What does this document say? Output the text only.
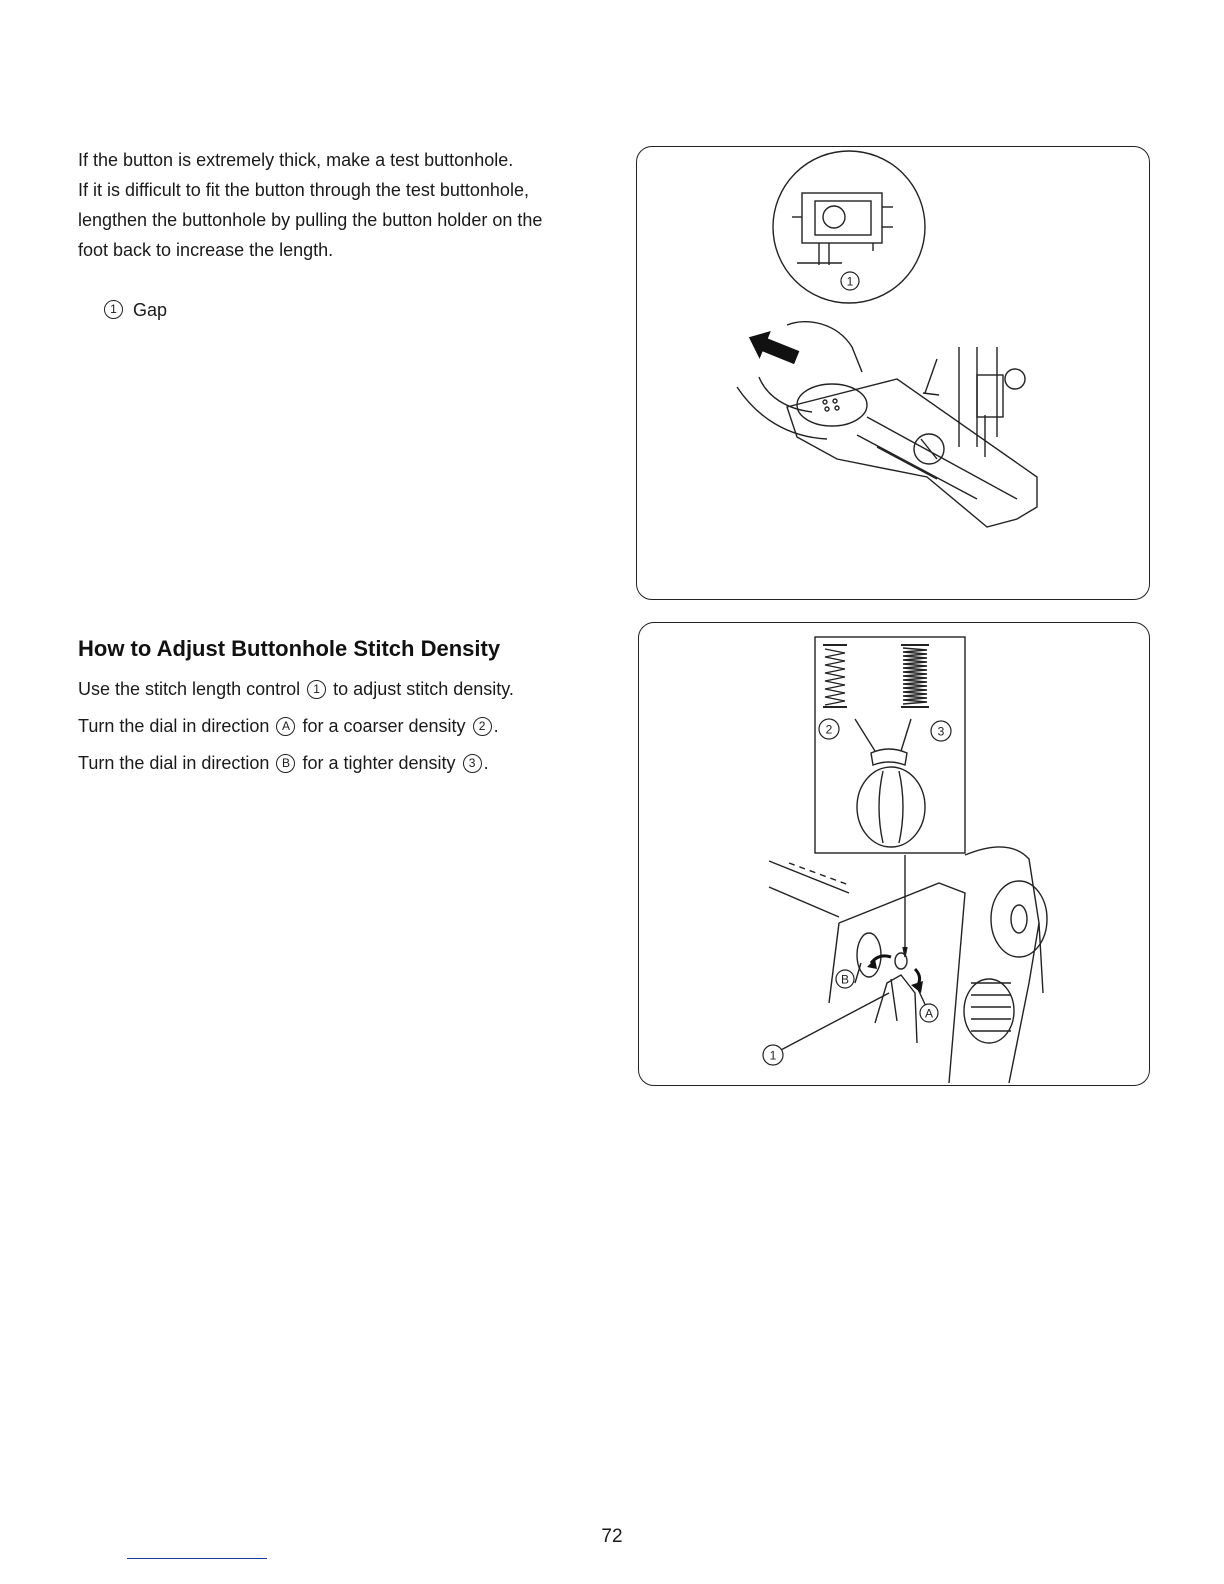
If the button is extremely thick, make a test buttonhole.
If it is difficult to fit the button through the test buttonhole,
lengthen the buttonhole by pulling the button holder on the
foot back to increase the length.

1 Gap
1
How to Adjust Buttonhole Stitch Density

Use the stitch length control 1 to adjust stitch density.

Turn the dial in direction A for a coarser density 2 .

Turn the dial in direction B for a tighter density 3 .

2	3
B
A
1
72
